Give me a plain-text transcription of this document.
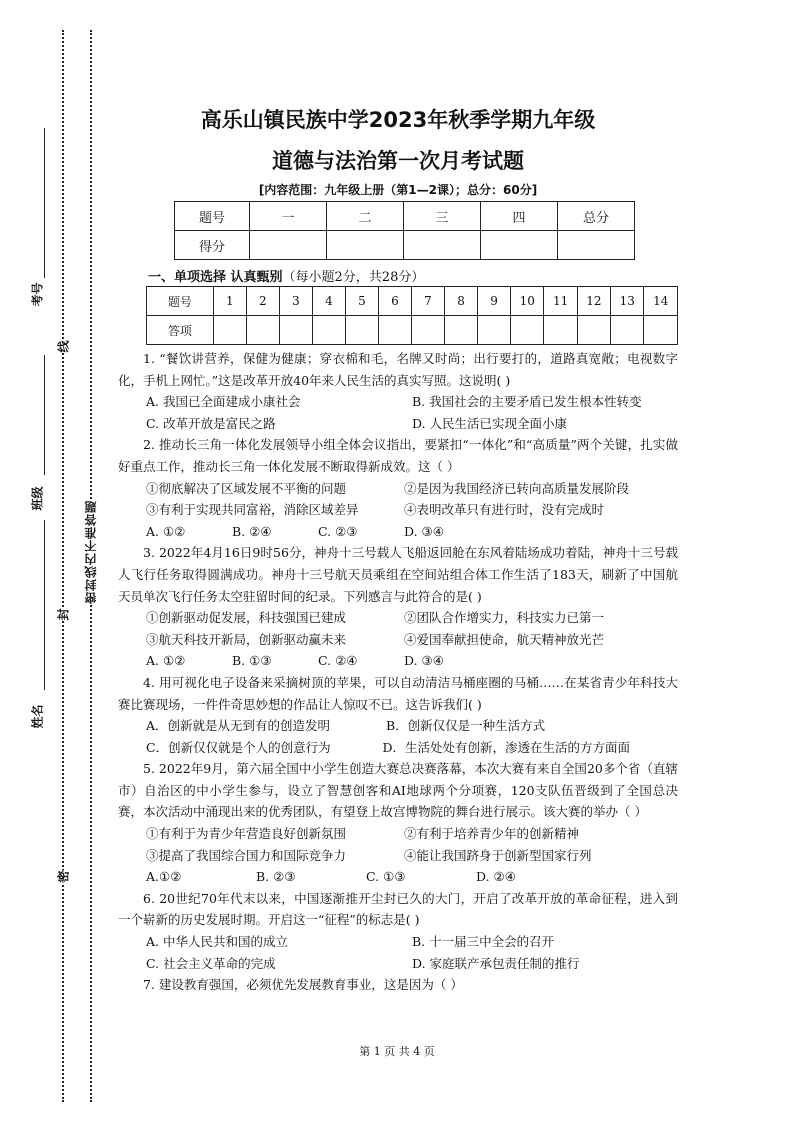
考号
线
班级
封
姓名
密
密封线内不准答题
高乐山镇民族中学2023年秋季学期九年级
道德与法治第一次月考试题
[内容范围：九年级上册（第1—2课）；总分：60分]
题号	一	二	三	四	总分
得分					
一、单项选择 认真甄别（每小题2分，共28分）
题号	1	2	3	4	5	6	7	8	9	10	11	12	13	14
答项														

1. “餐饮讲营养，保健为健康；穿衣棉和毛，名牌又时尚；出行要打的，道路真宽敞；电视数字化，手机上网忙。”这是改革开放40年来人民生活的真实写照。这说明( )

A. 我国已全面建成小康社会	B. 我国社会的主要矛盾已发生根本性转变

C. 改革开放是富民之路	D. 人民生活已实现全面小康

2. 推动长三角一体化发展领导小组全体会议指出，要紧扣“一体化”和“高质量”两个关键，扎实做好重点工作，推动长三角一体化发展不断取得新成效。这（ ）

①彻底解决了区域发展不平衡的问题	②是因为我国经济已转向高质量发展阶段

③有利于实现共同富裕，消除区域差异	④表明改革只有进行时，没有完成时

A. ①②	B. ②④	C. ②③	D. ③④

3. 2022年4月16日9时56分，神舟十三号载人飞船返回舱在东风着陆场成功着陆，神舟十三号载人飞行任务取得圆满成功。神舟十三号航天员乘组在空间站组合体工作生活了183天，刷新了中国航天员单次飞行任务太空驻留时间的纪录。下列感言与此符合的是( )

①创新驱动促发展，科技强国已建成	②团队合作增实力，科技实力已第一

③航天科技开新局，创新驱动赢未来	④爱国奉献担使命，航天精神放光芒

A. ①②	B. ①③	C. ②④	D. ③④

4. 用可视化电子设备来采摘树顶的苹果，可以自动清洁马桶座圈的马桶……在某省青少年科技大赛比赛现场，一件件奇思妙想的作品让人惊叹不已。这告诉我们( )

A．创新就是从无到有的创造发明	B．创新仅仅是一种生活方式

C．创新仅仅就是个人的创意行为	D．生活处处有创新，渗透在生活的方方面面

5. 2022年9月，第六届全国中小学生创造大赛总决赛落幕，本次大赛有来自全国20多个省（直辖市）自治区的中小学生参与，设立了智慧创客和AI地球两个分项赛，120支队伍晋级到了全国总决赛，本次活动中涌现出来的优秀团队，有望登上故宫博物院的舞台进行展示。该大赛的举办（ ）

①有利于为青少年营造良好创新氛围	②有利于培养青少年的创新精神

③提高了我国综合国力和国际竞争力	④能让我国跻身于创新型国家行列

A.①②	B. ②③	C. ①③	D. ②④

6. 20世纪70年代末以来，中国逐渐推开尘封已久的大门，开启了改革开放的革命征程，进入到一个崭新的历史发展时期。开启这一“征程”的标志是( )

A. 中华人民共和国的成立	B. 十一届三中全会的召开

C. 社会主义革命的完成	D. 家庭联产承包责任制的推行

7. 建设教育强国，必须优先发展教育事业，这是因为（ ）

第 1 页 共 4 页
